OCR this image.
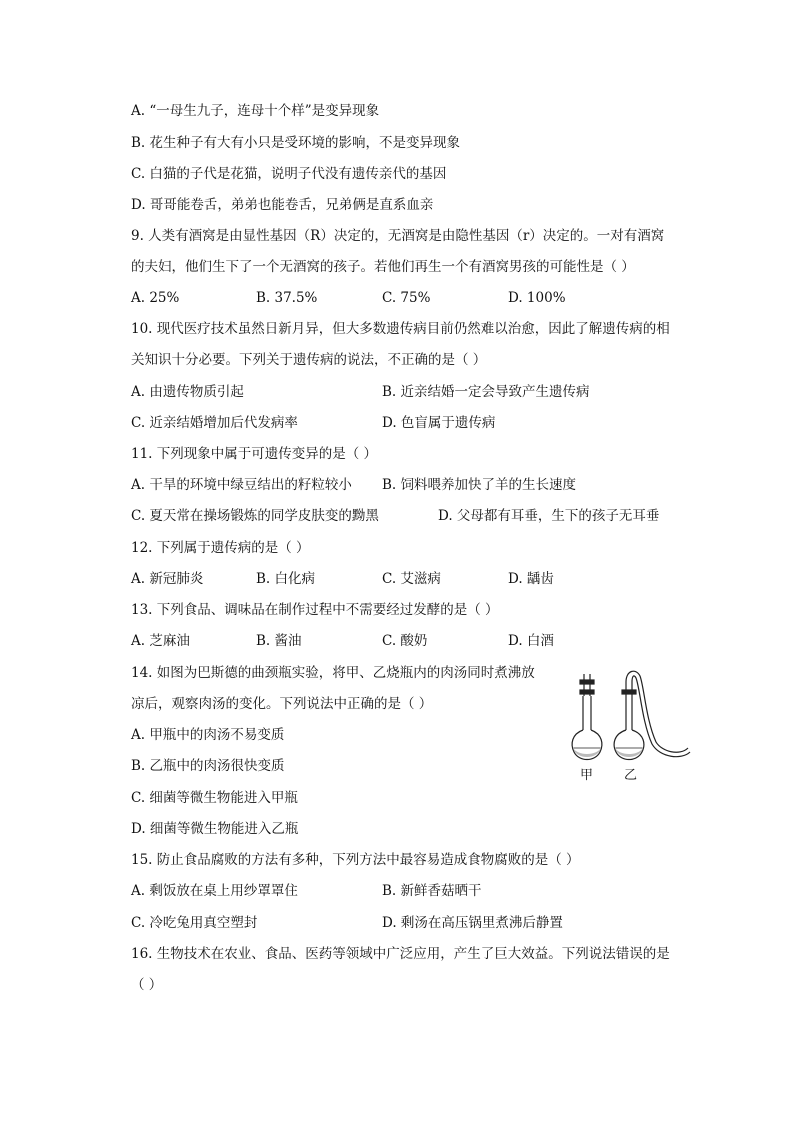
A. “一母生九子，连母十个样”是变异现象
B. 花生种子有大有小只是受环境的影响，不是变异现象
C. 白猫的子代是花猫，说明子代没有遗传亲代的基因
D. 哥哥能卷舌，弟弟也能卷舌，兄弟俩是直系血亲
9. 人类有酒窝是由显性基因（R）决定的，无酒窝是由隐性基因（r）决定的。一对有酒窝
的夫妇，他们生下了一个无酒窝的孩子。若他们再生一个有酒窝男孩的可能性是（ ）
A. 25%	B. 37.5%	C. 75%	D. 100%
10. 现代医疗技术虽然日新月异，但大多数遗传病目前仍然难以治愈，因此了解遗传病的相
关知识十分必要。下列关于遗传病的说法，不正确的是（ ）
A. 由遗传物质引起	B. 近亲结婚一定会导致产生遗传病
C. 近亲结婚增加后代发病率	D. 色盲属于遗传病
11. 下列现象中属于可遗传变异的是（ ）
A. 干旱的环境中绿豆结出的籽粒较小 B. 饲料喂养加快了羊的生长速度
C. 夏天常在操场锻炼的同学皮肤变的黝黑	D. 父母都有耳垂，生下的孩子无耳垂
12. 下列属于遗传病的是（ ）
A. 新冠肺炎	B. 白化病	C. 艾滋病	D. 龋齿
13. 下列食品、调味品在制作过程中不需要经过发酵的是（ ）
A. 芝麻油	B. 酱油	C. 酸奶	D. 白酒
14. 如图为巴斯德的曲颈瓶实验，将甲、乙烧瓶内的肉汤同时煮沸放
凉后，观察肉汤的变化。下列说法中正确的是（ ）
A. 甲瓶中的肉汤不易变质
B. 乙瓶中的肉汤很快变质
C. 细菌等微生物能进入甲瓶
D. 细菌等微生物能进入乙瓶
甲 乙
15. 防止食品腐败的方法有多种，下列方法中最容易造成食物腐败的是（ ）
A. 剩饭放在桌上用纱罩罩住	B. 新鲜香菇晒干
C. 冷吃兔用真空塑封	D. 剩汤在高压锅里煮沸后静置
16. 生物技术在农业、食品、医药等领域中广泛应用，产生了巨大效益。下列说法错误的是
（ ）
